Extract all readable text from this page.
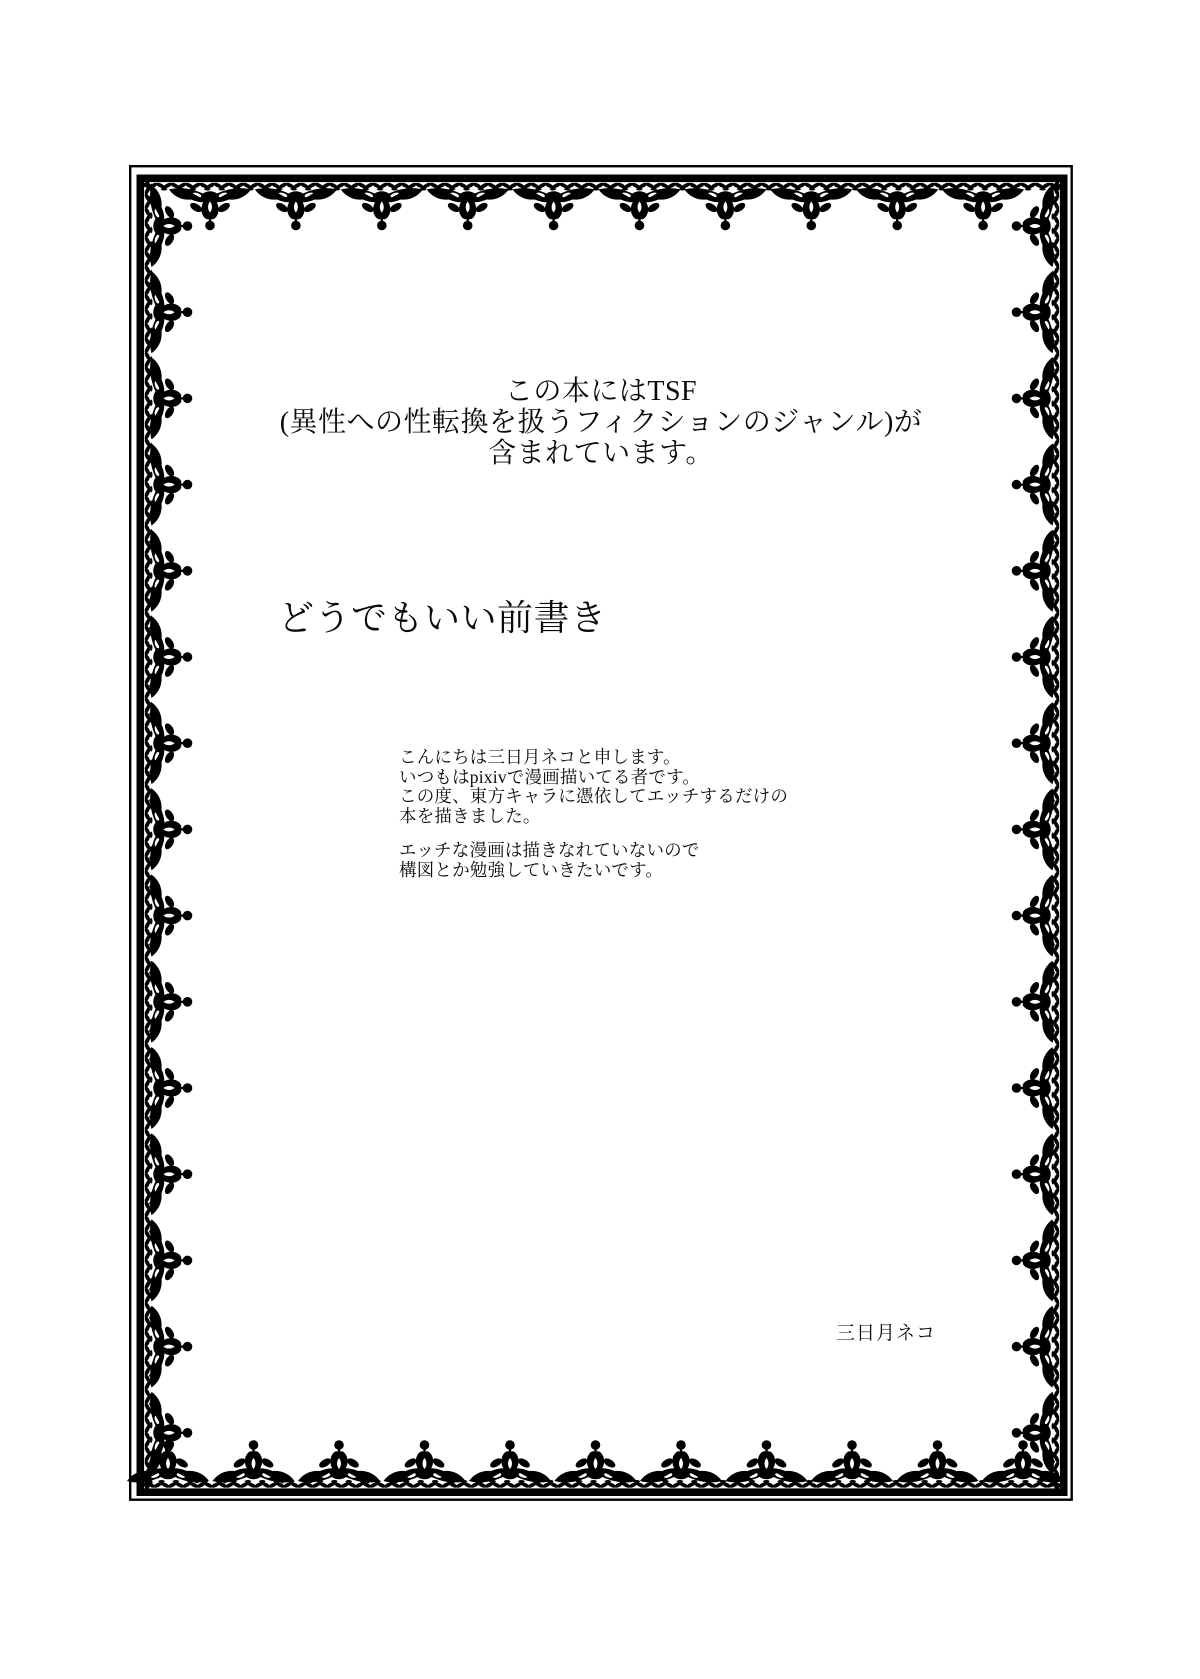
この本にはTSF
(異性への性転換を扱うフィクションのジャンル)が
含まれています。
どうでもいい前書き

こんにちは三日月ネコと申します。
いつもはpixivで漫画描いてる者です。
この度、東方キャラに憑依してエッチするだけの
本を描きました。

エッチな漫画は描きなれていないので
構図とか勉強していきたいです。

三日月ネコ
